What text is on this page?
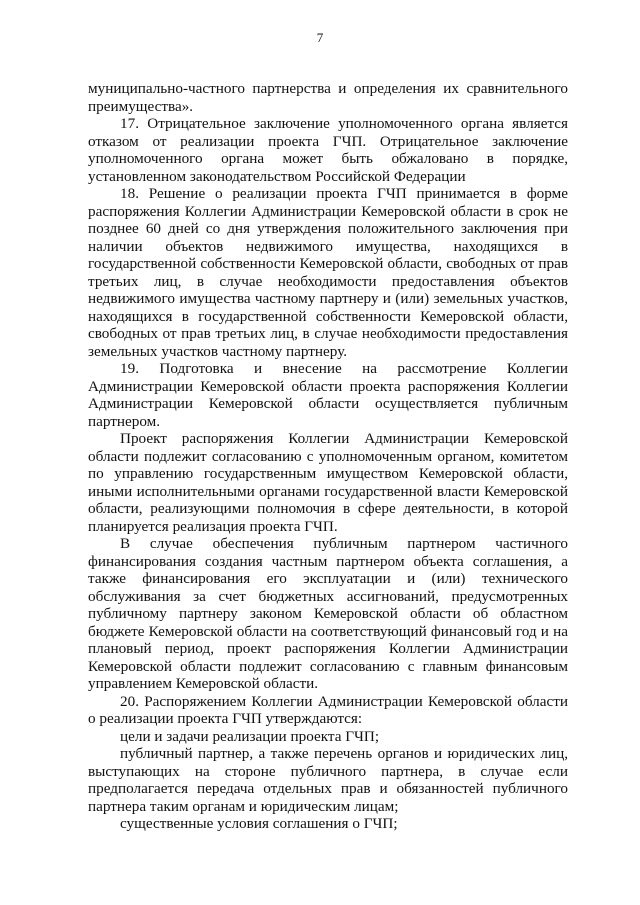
7

муниципально-частного партнерства и определения их сравнительного преимущества».

17. Отрицательное заключение уполномоченного органа является отказом от реализации проекта ГЧП. Отрицательное заключение уполномоченного органа может быть обжаловано в порядке, установленном законодательством Российской Федерации

18. Решение о реализации проекта ГЧП принимается в форме распоряжения Коллегии Администрации Кемеровской области в срок не позднее 60 дней со дня утверждения положительного заключения при наличии объектов недвижимого имущества, находящихся в государственной собственности Кемеровской области, свободных от прав третьих лиц, в случае необходимости предоставления объектов недвижимого имущества частному партнеру и (или) земельных участков, находящихся в государственной собственности Кемеровской области, свободных от прав третьих лиц, в случае необходимости предоставления земельных участков частному партнеру.

19. Подготовка и внесение на рассмотрение Коллегии Администрации Кемеровской области проекта распоряжения Коллегии Администрации Кемеровской области осуществляется публичным партнером.

Проект распоряжения Коллегии Администрации Кемеровской области подлежит согласованию с уполномоченным органом, комитетом по управлению государственным имуществом Кемеровской области, иными исполнительными органами государственной власти Кемеровской области, реализующими полномочия в сфере деятельности, в которой планируется реализация проекта ГЧП.

В случае обеспечения публичным партнером частичного финансирования создания частным партнером объекта соглашения, а также финансирования его эксплуатации и (или) технического обслуживания за счет бюджетных ассигнований, предусмотренных публичному партнеру законом Кемеровской области об областном бюджете Кемеровской области на соответствующий финансовый год и на плановый период, проект распоряжения Коллегии Администрации Кемеровской области подлежит согласованию с главным финансовым управлением Кемеровской области.

20. Распоряжением Коллегии Администрации Кемеровской области о реализации проекта ГЧП утверждаются:

цели и задачи реализации проекта ГЧП;

публичный партнер, а также перечень органов и юридических лиц, выступающих на стороне публичного партнера, в случае если предполагается передача отдельных прав и обязанностей публичного партнера таким органам и юридическим лицам;

существенные условия соглашения о ГЧП;
